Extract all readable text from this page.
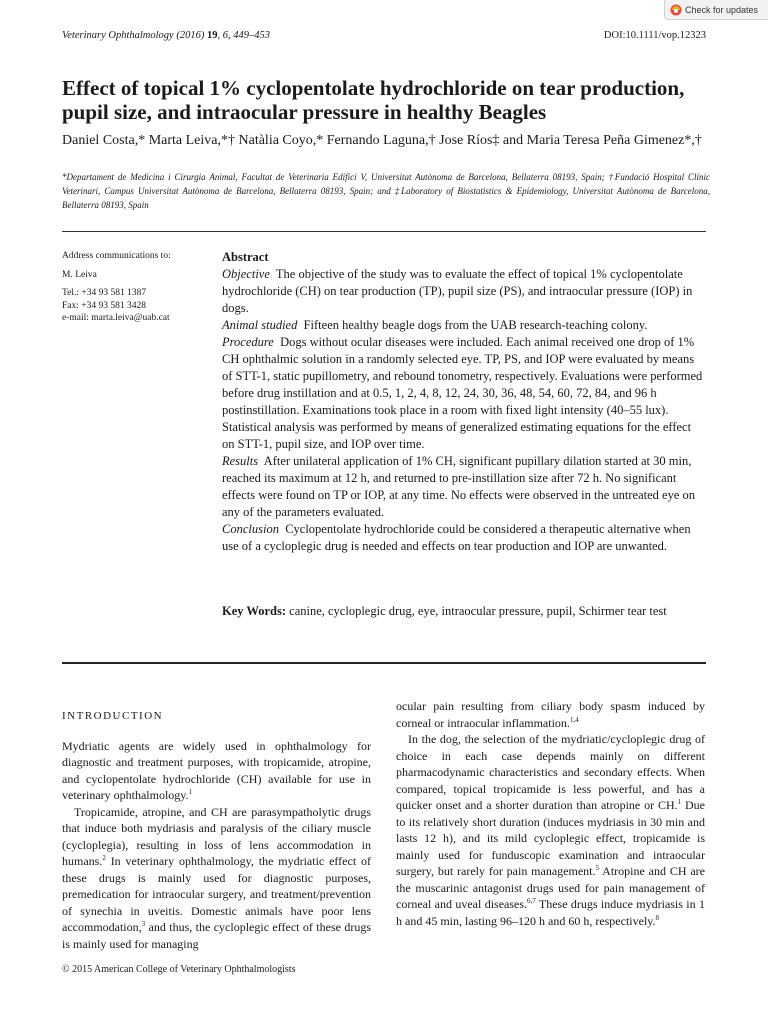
Check for updates
Veterinary Ophthalmology (2016) 19, 6, 449–453	DOI:10.1111/vop.12323
Effect of topical 1% cyclopentolate hydrochloride on tear production, pupil size, and intraocular pressure in healthy Beagles

Daniel Costa,* Marta Leiva,*† Natàlia Coyo,* Fernando Laguna,† Jose Ríos‡ and Maria Teresa Peña Gimenez*,†

*Departament de Medicina i Cirurgia Animal, Facultat de Veterinaria Edifici V, Universitat Autònoma de Barcelona, Bellaterra 08193, Spain; †Fundació Hospital Clínic Veterinari, Campus Universitat Autònoma de Barcelona, Bellaterra 08193, Spain; and ‡Laboratory of Biostatistics & Epidemiology, Universitat Autònoma de Barcelona, Bellaterra 08193, Spain

Address communications to:
M. Leiva
Tel.: +34 93 581 1387
Fax: +34 93 581 3428
e-mail: marta.leiva@uab.cat
Abstract

Objective The objective of the study was to evaluate the effect of topical 1% cyclopentolate hydrochloride (CH) on tear production (TP), pupil size (PS), and intraocular pressure (IOP) in dogs.

Animal studied Fifteen healthy beagle dogs from the UAB research-teaching colony.

Procedure Dogs without ocular diseases were included. Each animal received one drop of 1% CH ophthalmic solution in a randomly selected eye. TP, PS, and IOP were evaluated by means of STT-1, static pupillometry, and rebound tonometry, respectively. Evaluations were performed before drug instillation and at 0.5, 1, 2, 4, 8, 12, 24, 30, 36, 48, 54, 60, 72, 84, and 96 h postinstillation. Examinations took place in a room with fixed light intensity (40–55 lux). Statistical analysis was performed by means of generalized estimating equations for the effect on STT-1, pupil size, and IOP over time.

Results After unilateral application of 1% CH, significant pupillary dilation started at 30 min, reached its maximum at 12 h, and returned to pre-instillation size after 72 h. No significant effects were found on TP or IOP, at any time. No effects were observed in the untreated eye on any of the parameters evaluated.

Conclusion Cyclopentolate hydrochloride could be considered a therapeutic alternative when use of a cycloplegic drug is needed and effects on tear production and IOP are unwanted.

Key Words: canine, cycloplegic drug, eye, intraocular pressure, pupil, Schirmer tear test
INTRODUCTION

Mydriatic agents are widely used in ophthalmology for diagnostic and treatment purposes, with tropicamide, atropine, and cyclopentolate hydrochloride (CH) available for use in veterinary ophthalmology.$^1$

Tropicamide, atropine, and CH are parasympatholytic drugs that induce both mydriasis and paralysis of the ciliary muscle (cycloplegia), resulting in loss of lens accommodation in humans.$^2$ In veterinary ophthalmology, the mydriatic effect of these drugs is mainly used for diagnostic purposes, premedication for intraocular surgery, and treatment/prevention of synechia in uveitis. Domestic animals have poor lens accommodation,$^3$ and thus, the cycloplegic effect of these drugs is mainly used for managing

ocular pain resulting from ciliary body spasm induced by corneal or intraocular inflammation.$^{1,4}$

In the dog, the selection of the mydriatic/cycloplegic drug of choice in each case depends mainly on different pharmacodynamic characteristics and secondary effects. When compared, topical tropicamide is less powerful, and has a quicker onset and a shorter duration than atropine or CH.$^1$ Due to its relatively short duration (induces mydriasis in 30 min and lasts 12 h), and its mild cycloplegic effect, tropicamide is mainly used for funduscopic examination and intraocular surgery, but rarely for pain management.$^5$ Atropine and CH are the muscarinic antagonist drugs used for pain management of corneal and uveal diseases.$^{6,7}$ These drugs induce mydriasis in 1 h and 45 min, lasting 96–120 h and 60 h, respectively.$^8$

© 2015 American College of Veterinary Ophthalmologists
